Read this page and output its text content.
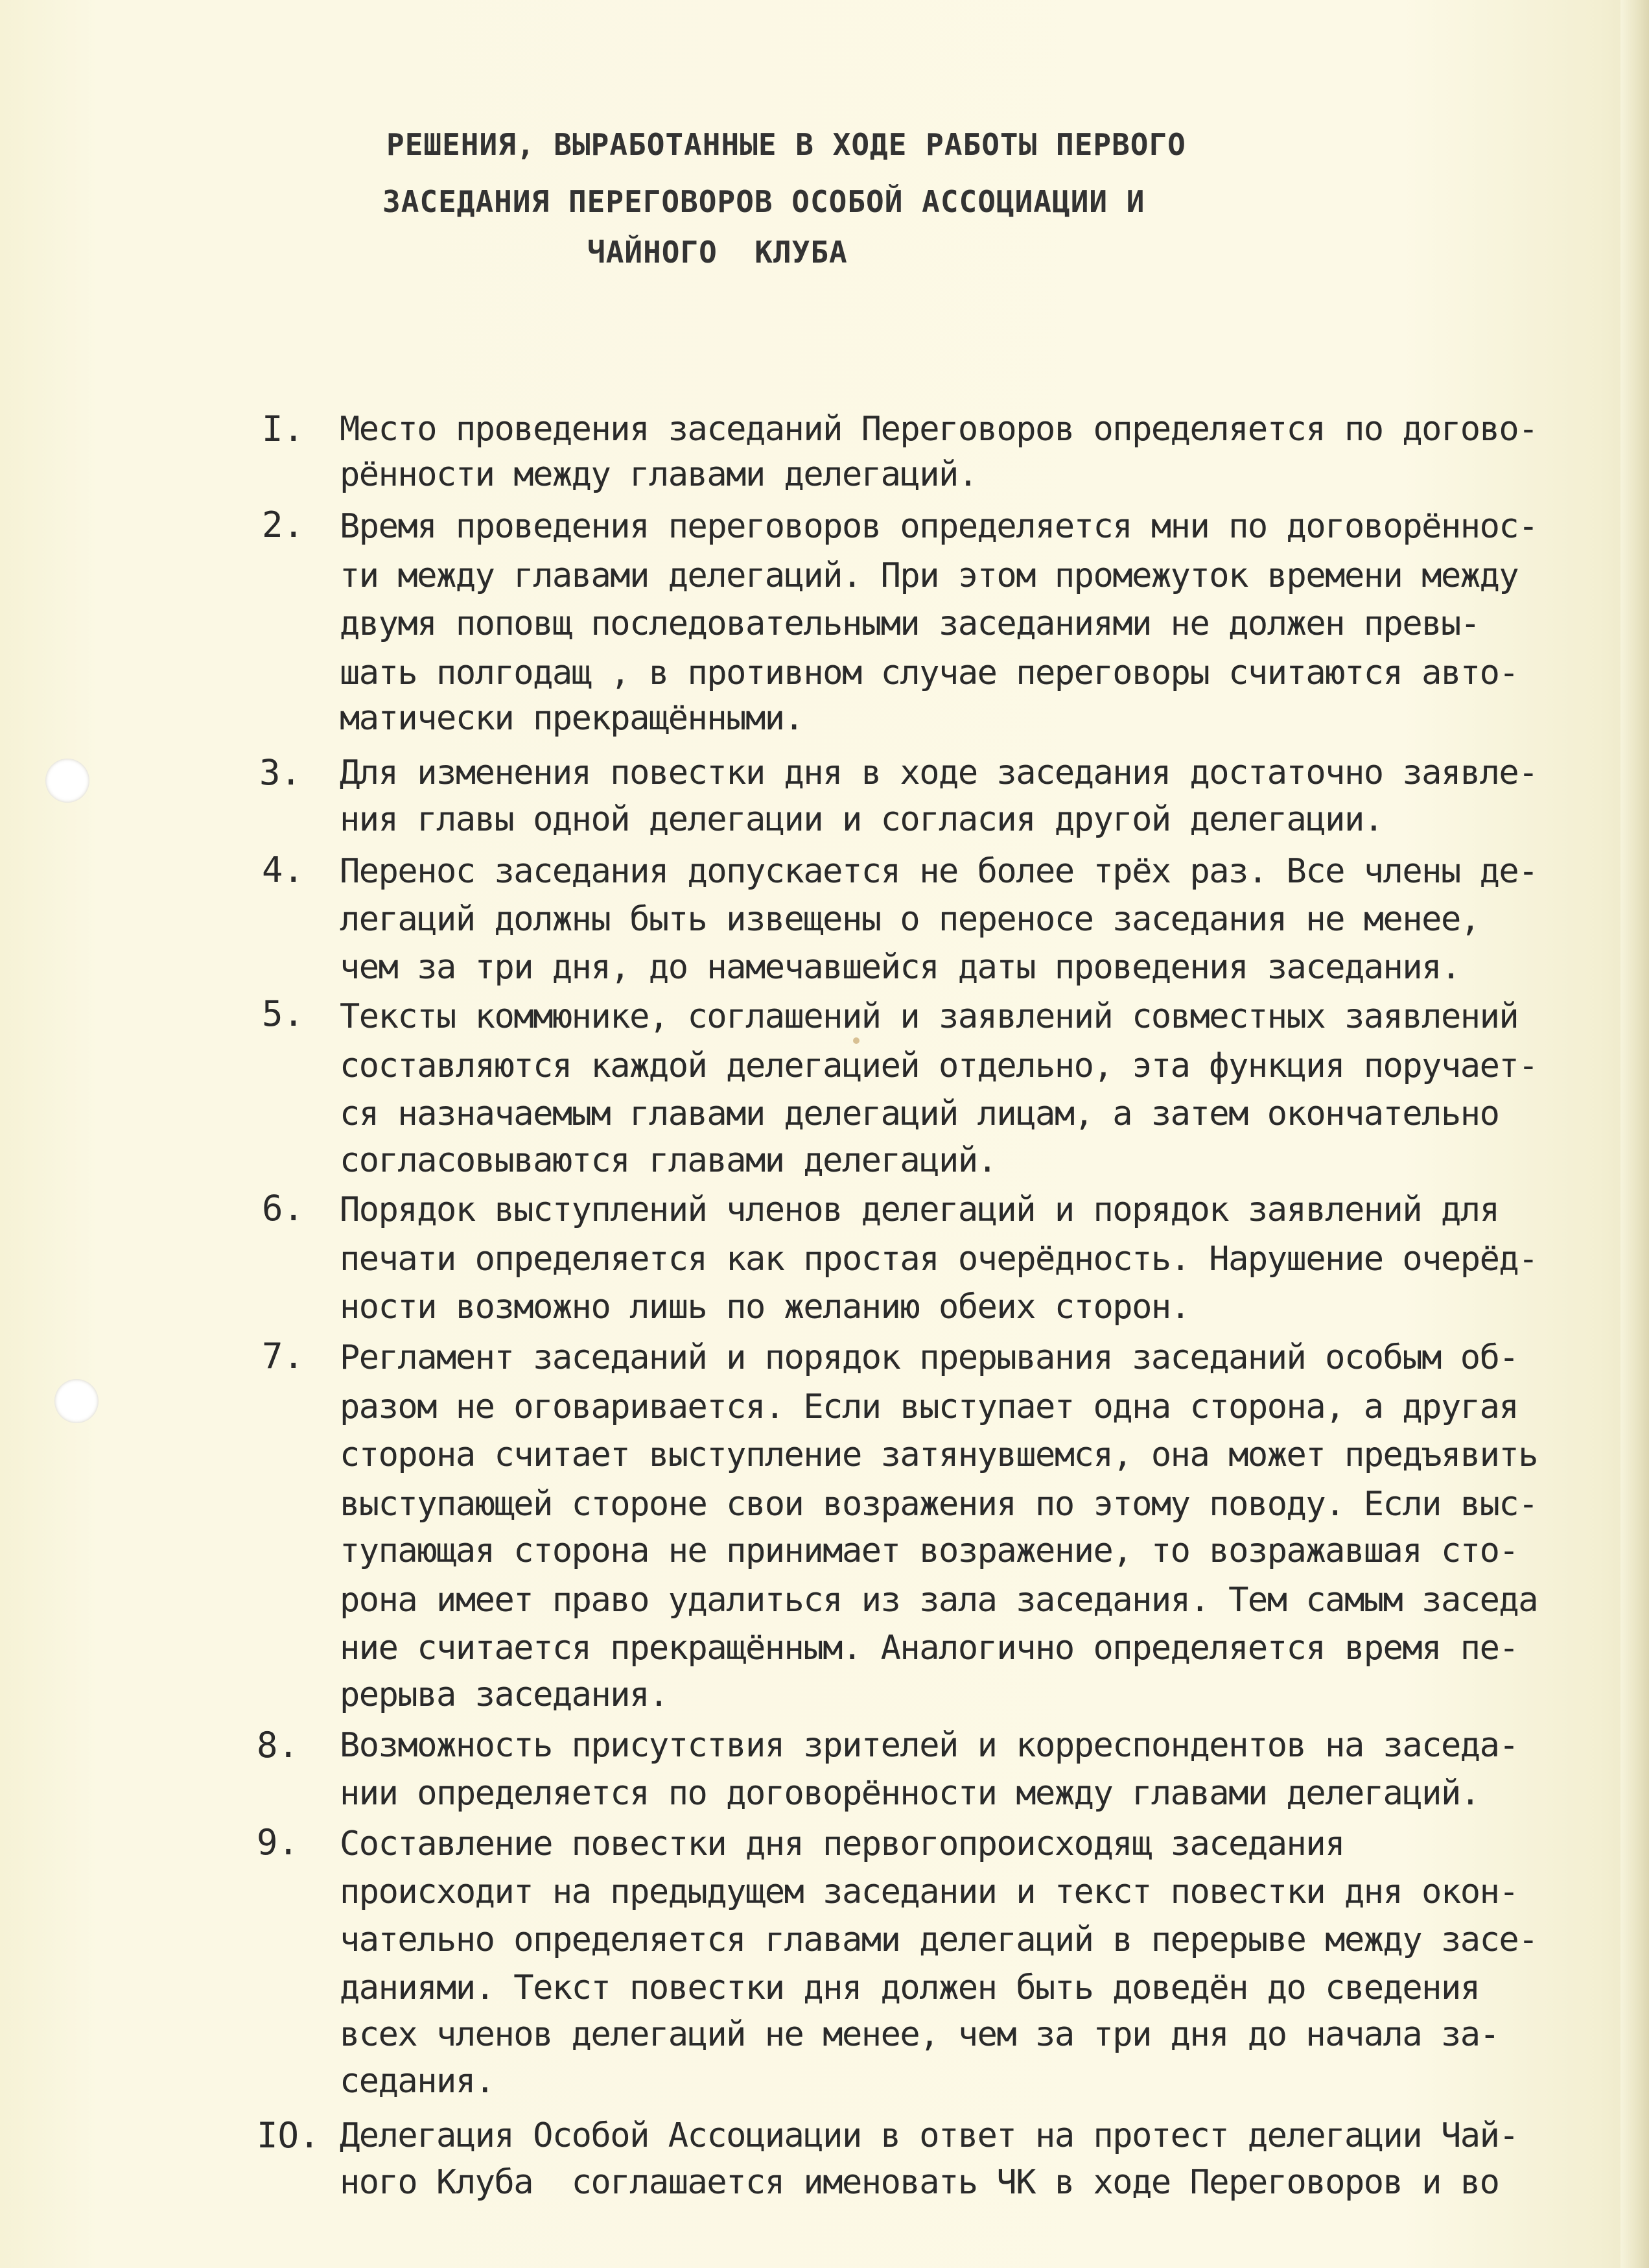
РЕШЕНИЯ, ВЫРАБОТАННЫЕ В ХОДЕ РАБОТЫ ПЕРВОГО
ЗАСЕДАНИЯ ПЕРЕГОВОРОВ ОСОБОЙ АССОЦИАЦИИ И
ЧАЙНОГО  КЛУБА
I. Место проведения заседаний Переговоров определяется по догово-
рённости между главами делегаций.
2. Время проведения переговоров определяется мни по договорённос-
ти между главами делегаций. При этом промежуток времени между
двумя поповщ последовательными заседаниями не должен превы-
шать полгодащ , в противном случае переговоры считаются авто-
матически прекращёнными.
3. Для изменения повестки дня в ходе заседания достаточно заявле-
ния главы одной делегации и согласия другой делегации.
4. Перенос заседания допускается не более трёх раз. Все члены де-
легаций должны быть извещены о переносе заседания не менее,
чем за три дня, до намечавшейся даты проведения заседания.
5. Тексты коммюнике, соглашений и заявлений совместных заявлений
составляются каждой делегацией отдельно, эта функция поручает-
ся назначаемым главами делегаций лицам, а затем окончательно
согласовываются главами делегаций.
6. Порядок выступлений членов делегаций и порядок заявлений для
печати определяется как простая очерёдность. Нарушение очерёд-
ности возможно лишь по желанию обеих сторон.
7. Регламент заседаний и порядок прерывания заседаний особым об-
разом не оговаривается. Если выступает одна сторона, а другая
сторона считает выступление затянувшемся, она может предъявить
выступающей стороне свои возражения по этому поводу. Если выс-
тупающая сторона не принимает возражение, то возражавшая сто-
рона имеет право удалиться из зала заседания. Тем самым заседа
ние считается прекращённым. Аналогично определяется время пе-
рерыва заседания.
8. Возможность присутствия зрителей и корреспондентов на заседа-
нии определяется по договорённости между главами делегаций.
9. Составление повестки дня первогопроисходящ заседания
происходит на предыдущем заседании и текст повестки дня окон-
чательно определяется главами делегаций в перерыве между засе-
даниями. Текст повестки дня должен быть доведён до сведения
всех членов делегаций не менее, чем за три дня до начала за-
седания.
IO. Делегация Особой Ассоциации в ответ на протест делегации Чай-
ного Клуба  соглашается именовать ЧК в ходе Переговоров и во
